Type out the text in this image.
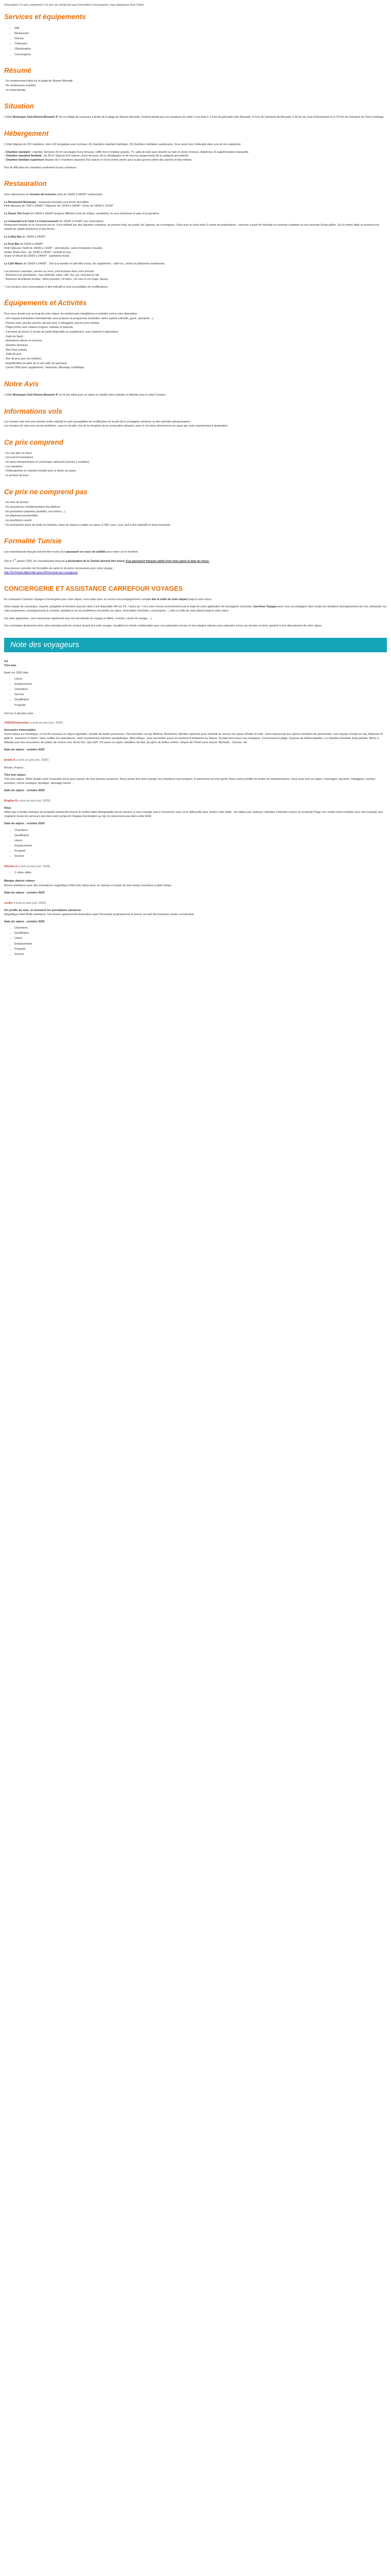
Description Ce prix comprend / Ce prix ne comprend pas Formalités Conciergerie Logo tripadvisor Avis Client
Services et équipements
• Wifi
• Restaurant
• Piscine
• Télévision
• Climatisation
• Conciergerie
Résumé
- Un emplacement idéal sur la plage de Skanes Monastir
- De nombreuses activités
- Un hôtel familial
Situation

L'hôtel Monarque Club Riviera Monastir 4* est un village de vacances à droite de la plage de Skanes Monastir, l'endroit parfait pour les amateurs de soleil. Il est situé à 1,9 km du golf palm links Monastir, à 4 km de l'aéroport de Monastir, à 42 km du crise d'Hammamet et à 170 km de l'aéroport de Tunis-Carthage.

Hébergement

L'hôtel dispose de 220 chambres, dont 132 bungalows avec terrasse, 60 chambres standard familiales, 28 chambres familiales supérieures. Vous serez donc hébergés dans une de ces catégories :

- Chambre standard : chambre d'environ 20 m² est équipé d'une terrasse, coffre fort et minibar gratuits, TV, salle de bain avec douche ou bain et sèche cheveux, téléphone, lit supplémentaire banquette.
- Chambre standard familiale : de 30 m² dispose d'un balcon, d'une terrasse, de la climatisation et de tous les équipements de la catégorie précédente.
- Chambre familiale supérieure dispose de 2 chambres séparées d'un balcon et d'une entrée privée pour la plus grand confort des parents et des enfants.

Pas de Wifi dans les chambres seulement locaux communs.

Restauration

Vous séjournerez en formule all inclusive riche de 10h00 à 24h00* comprenant :

Le Restaurant Monarque : restaurant principal sous forme de buffets.
Petit déjeuner de 7h00 à 10h00* / Déjeuner de 12h30 à 14h30* / Dîner de 19h00 à 21h30*

Le Snack The Crust de 14h00 à 18h00* propose différent choix de crêpes, sandwichs, et vous choisissez le pain et la garniture.

Le restaurant à la Carte Le Couscousserie de 19h30 à 21h30* (sur réservation).
Restaurant tunisien ou le couscous est roi. Il est sublimé par des légumes croquants, du poisson frais, du poulet, de l'agneau, de la merguez). Vous avez le choix entre 3 sortes de préparations : semoule à grain fin mélangé ou semoule complète ou une semoule d'orge grillée. Sur la même table se trouvent une variété de salade tunisienne et des brichs.

Le Lobby Bar de 10h00 à 24h00*

Le Pool Bar de 10h00 à 24h00*
Petit Déjeuner Tardif de 10h00 à 11h00* : viennoiserie, cake et boissons chaudes
Snake Shake time : de 14h00 à 19h00 : cocktail du jour
Snack et Minuit de 23h00 à 24h00* : sandwichs froids.

Le Café Maure de 16h00 à 24h00* : Thé à la menthe et café filtre inclus. En supplément : café turc, chicha et pâtisseries tunisiennes.

Les boissons suivantes, servies au verre, sont incluses dans votre formule :
- Boissons non alcoolisées : eau minérale, soda, café, thé, jus, chocolat au lait.
- Boissons alcoolisées locales : bière pression, vin blanc, vin rose et vin rouge, liqueur.

* Les horaires sont communiqués à titre indicatif et sont susceptibles de modifications.

Équipements et Activités
Pour vous divertir tout au long de votre séjour, de nombreuses installations et activités sont à votre disposition :
- Une équipe d'animation internationale vous propose un programme d'activités variés (sports collectifs, gyms, spectacle,...)
- Piscine relax, piscine animée, piscine avec 3 toboggans, piscine pour enfants
- Plage privée avec chaises longues, matelas et parasols
- 4 terrains de tennis (1 terrain de padel disponible en supplément, avec matériel à disposition)
- Salle de Sport
- Animations diurne et nocturne
- Activités Sportives
- Mini Club enfants
- Salle de jeux
- Aire de jeux pour les enfants)
- Amphithéâtre en plein air et une salle de spectacle
- Centre SPA (avec supplément) : Hammam, Massage, Esthétique
Notre Avis

L'hôtel Monarque Club Riviera Monastir 4* est le lieu idéal pour un séjour en famille entre activités et détente sous le soleil Tunisien.

Informations vols

Les horaires des vols sont donnés à titre indicatif et sont susceptibles de modification de la part de la compagnie aérienne ou des autorités aéroportuaires.
Les horaires de vols vous seront confirmés : pour le vol aller, lors de la réception de la convocation aéroport, pour le vol retour directement sur place par notre représentant à destination.

Ce prix comprend
- les vols aller et retour
- l'accueil et l'assistance
- les taxes aéroportuaires et surcharges carburant (soumis à variation)
- Les transferts
- l'hébergement en chambre double pour la durée du séjour
- la pension de base
Ce prix ne comprend pas
- les frais de dossier
- les assurances complémentaires facultatives
- les prestations payantes (activités, excursions,...)
- les dépenses personnelles
- les pourboires usuels
- les éventuelles taxes de sortie du territoire, taxes de séjours à régler sur place (1,30€ / pers / jour, tarif à titre indicatif) et visas éventuels
Formalité Tunisie

Les ressortissants français doivent être munis d'un passeport en cours de validité pour entrer sur le territoire.

Dès le 1er janvier 2025, les ressortissants français à destination de la Tunisie devront être munis d'un passeport français valide trois mois après la date de retour.

Vous pouvez consulter les formalités de santé et de police nécessaires pour votre voyage :
http://XXX/www.diplomatie.gouv.fr/fr/conseils-aux-voyageurs/

CONCIERGERIE ET ASSISTANCE CARREFOUR VOYAGES

En contactant Carrefour Voyages Conciergerie pour votre séjour, vous optez pour un service d'accompagnement complet dès la veille de votre départ jusqu'à votre retour.

Notre équipe de concierges, experte, polyglotte et humaine (pas de robot !) est disponible 24h sur 24, 7 jours sur 7 et à votre écoute exclusivement par le biais de notre application de messagerie sécurisée, Carrefour Voyages pour vous accompagner dans toutes les situations (enregistrement de vols, demander sur votre programme, renseignements & conseils, assistance sur les problèmes rencontrés sur place, réservation d'activités, conciergerie, ...) dès la veille de votre départ jusqu'à votre retour.

Via notre application, vous retrouverez également tous vos documents de voyage (e-billets, voucher, carnet de voyage, ...)

Vos concierges deviennent alors votre principal point de contact durant tout votre voyage, travaillant en étroite collaboration avec nos partenaires locaux et nos équipes internes pour répondre à tous vos besoins et ainsi, garantir le bon déroulement de votre séjour.

Note des voyageurs
4.2
Très bon
basé sur 1081 Avis
• Literie
• Emplacement
• Chambres
• Service
• Qualité/prix
• Propreté
Voir les 5 derniers avis
J4263JKmarcellec a écrit un avis (nov. 2025)
Souvenirs mémorables
2eme séjour au monarque, ce fut de nouveau un séjour agréable, remplis de belles personnes. Des barmans au top Mokhar, Mohamed. Mention spéciale pour Hamadi au service du repas d'matin et midi , merci beaucoup aux autres membres du personnels. Une équipe Coralis au top, Bélissem ♥, gildo ♥ , bassems et karim. Sans oublier les animateurs , dont mohammed vraiment sympathique. Merci Alaya , pour permettre aussi un moment d'ambiance au Maure. Dj Dali merci pour vos musiques. Concernant la plage, toujours de belles balades. La chambre familiale était parfaite. Merci à Alibaba pour les excursions. Au plaisir de revenir une 3eme fois. Qui sait? J'ai aussi un super chauffeur de taxi, qui gère de belles sorties. Départ de l'hotel sans soucis. Monastir , Sousse, etc
Date du séjour : octobre 2025
Emilie A a écrit un avis (oct. 2025)
Rouen, France
Très bon séjour
Très bon séjour. Hôtel simple mais l'essentiel est là pour passer de très bonnes vacances. Nous avons très bien mangé, les chambres sont propres, le personnel est très gentil. Nous avons profité de toutes les infrastructures. Vous avez tout sur place, massages, piscines, toboggans, soirées animées, centre nautique, boutique, tatouage henné ...
Date du séjour : octobre 2025
Brigitte B a écrit un avis (oct. 2025)
Déçu
Hôtel pas 4 étoiles manque de propreté restaurant moyen le maître hôtel désagréable aucun service si vous manger pas à l'ouverture vous vous débrouillé pour mettre votre table , les tables pas nettoyer collantes Chambre moyen en propreté Plage une moitié reste installée avec des transats une vingtaine Seule les serveurs des bars sont sympa Et l'équipe d'animation au top Je retournerai pas dans cette hôtel
Date du séjour : octobre 2025
• Chambres
• Qualité/prix
• Literie
• Emplacement
• Propreté
• Service
Nassim A a écrit un avis (oct. 2025)
• 1 votes utiles
Manger dancer relaxer
Bonne ambiance avec des animateurs magnifique hôtel très calme pour se reposer et passe du bon temps nourriture a plein temps
Date du séjour : octobre 2025
zouhir a écrit un avis (oct. 2025)
On profite au max, et vivement les prochaines vacances
Magnifique hôtel Belle ambiance Très bonne gastronomie Animation varié Personnel professionnel et bonne accueil Ma troisième année consécutive
Date du séjour : octobre 2025
• Chambres
• Qualité/prix
• Literie
• Emplacement
• Propreté
• Service
